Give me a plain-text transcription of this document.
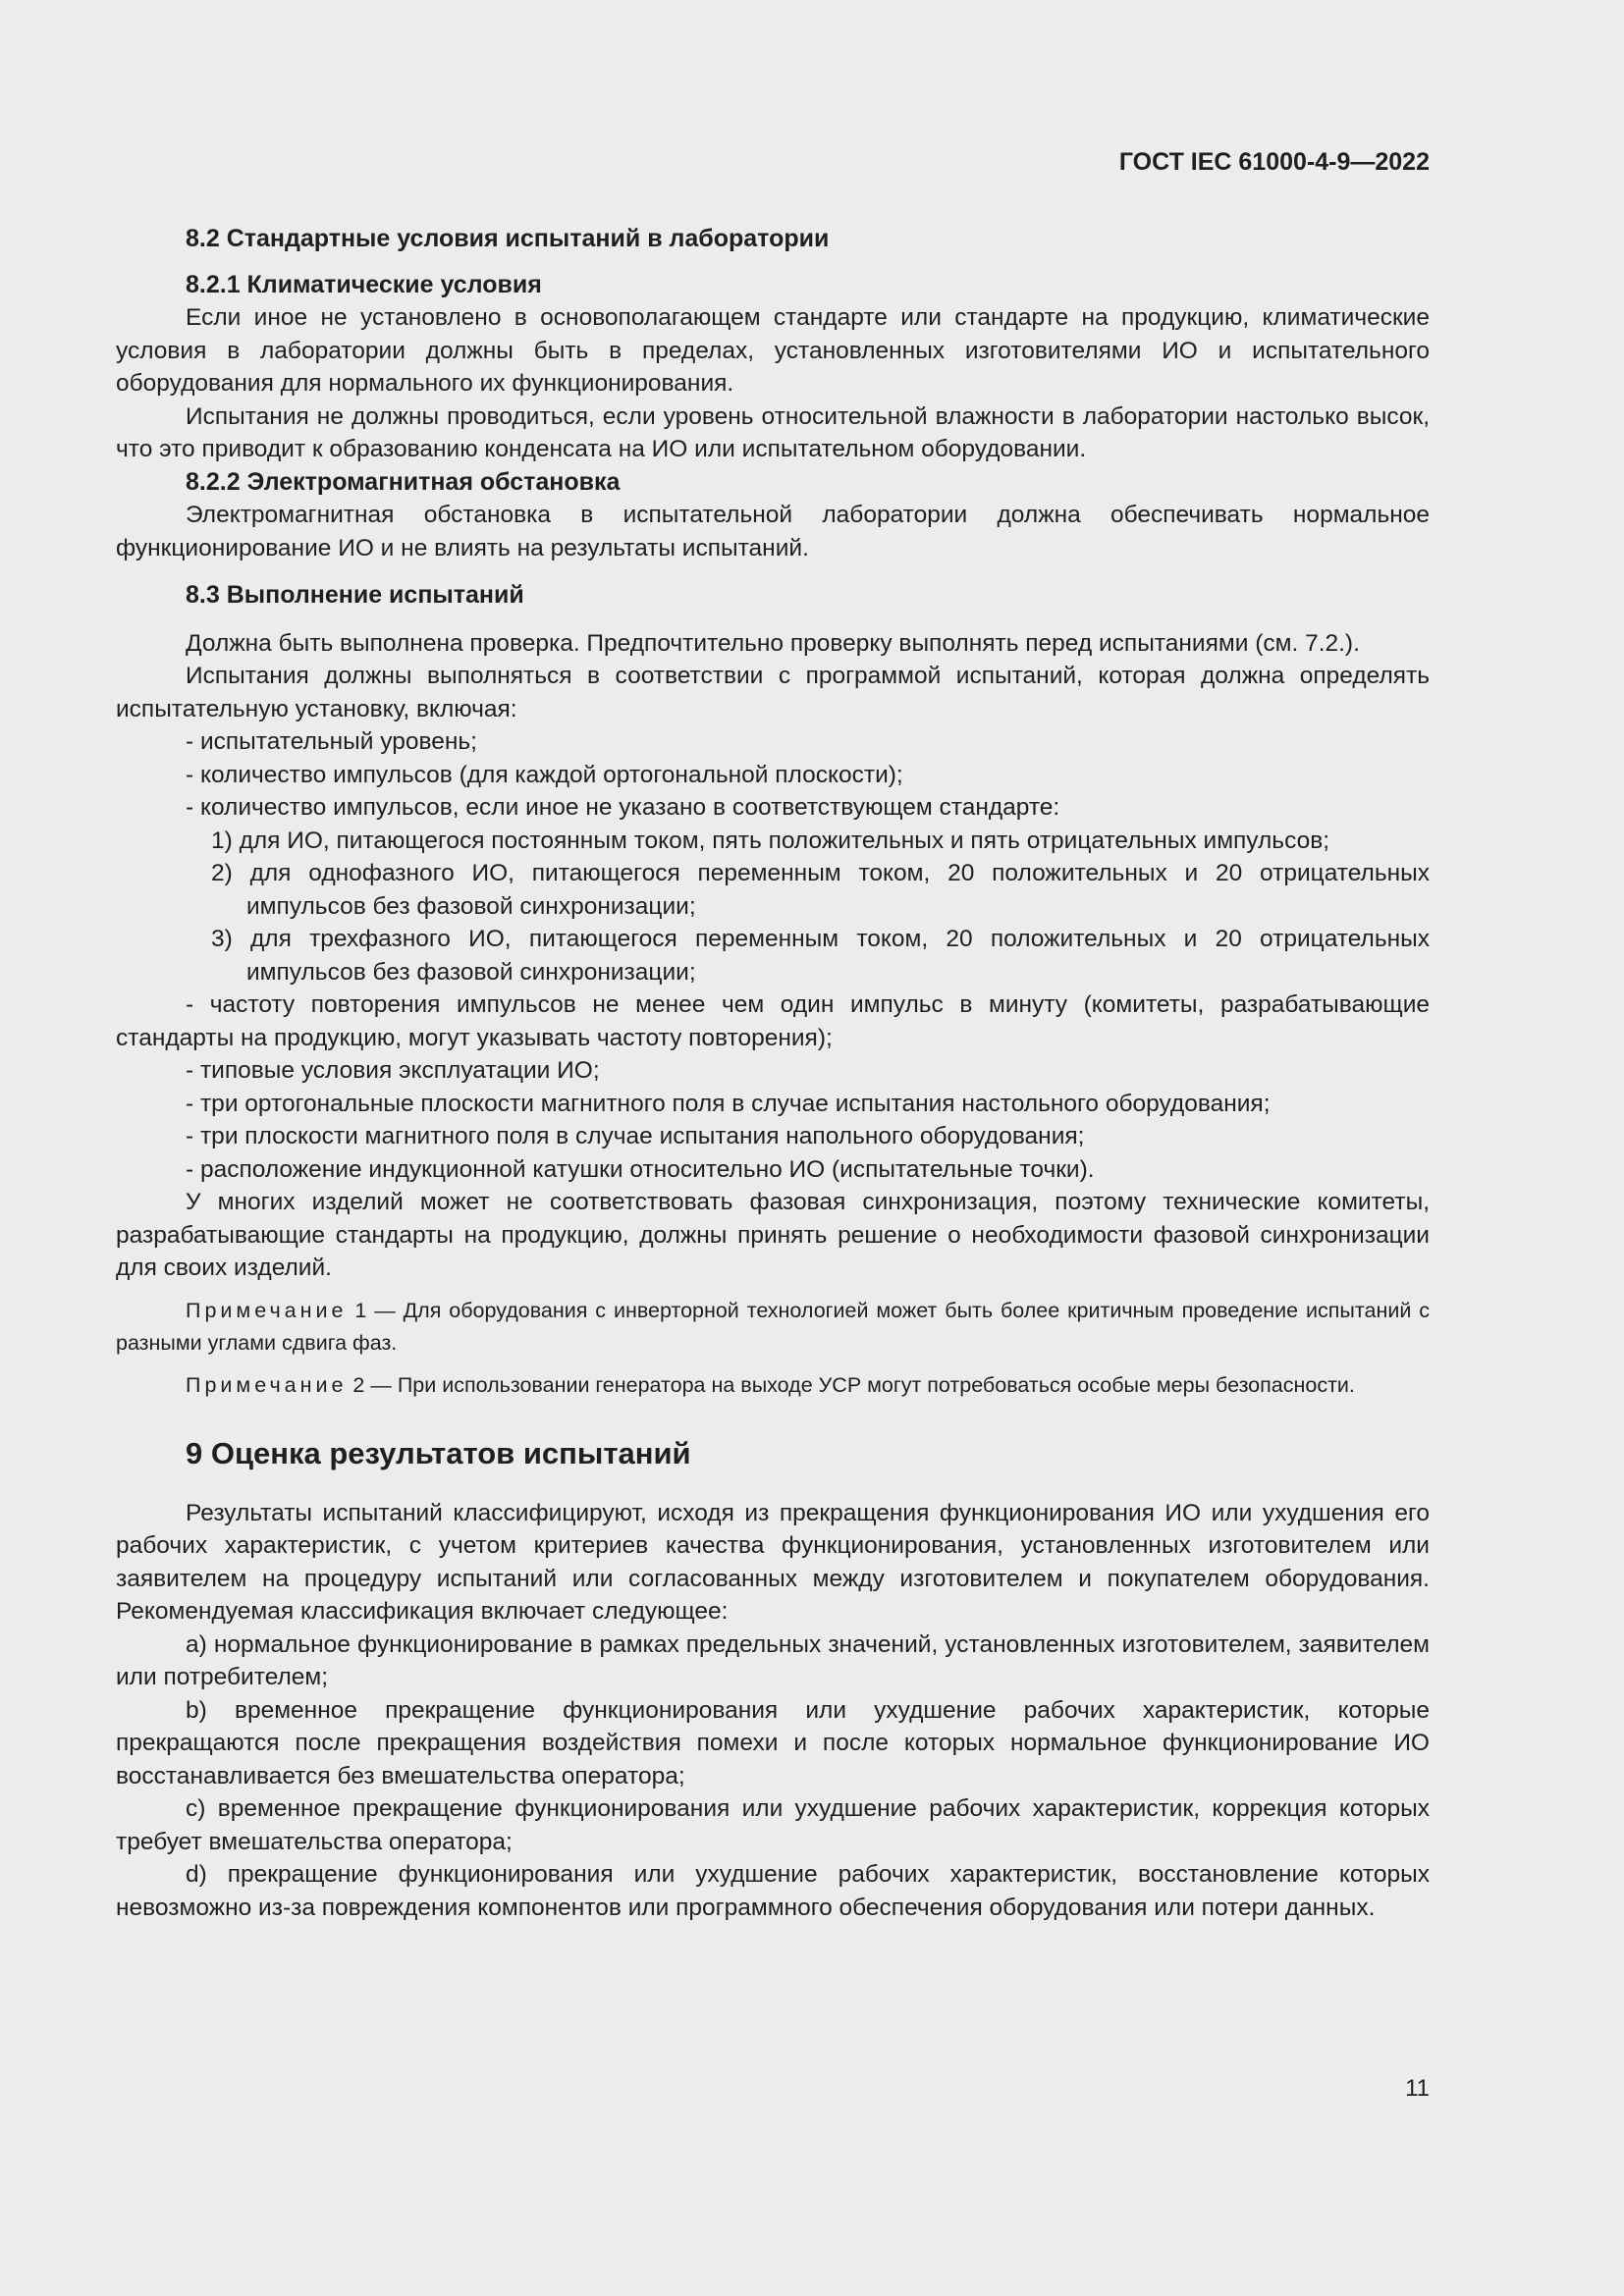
ГОСТ IEC 61000-4-9—2022

8.2 Стандартные условия испытаний в лаборатории

8.2.1 Климатические условия

Если иное не установлено в основополагающем стандарте или стандарте на продукцию, климатические условия в лаборатории должны быть в пределах, установленных изготовителями ИО и испытательного оборудования для нормального их функционирования.

Испытания не должны проводиться, если уровень относительной влажности в лаборатории настолько высок, что это приводит к образованию конденсата на ИО или испытательном оборудовании.

8.2.2 Электромагнитная обстановка

Электромагнитная обстановка в испытательной лаборатории должна обеспечивать нормальное функционирование ИО и не влиять на результаты испытаний.

8.3 Выполнение испытаний

Должна быть выполнена проверка. Предпочтительно проверку выполнять перед испытаниями (см. 7.2.).

Испытания должны выполняться в соответствии с программой испытаний, которая должна определять испытательную установку, включая:

- испытательный уровень;

- количество импульсов (для каждой ортогональной плоскости);

- количество импульсов, если иное не указано в соответствующем стандарте:

1) для ИО, питающегося постоянным током, пять положительных и пять отрицательных импульсов;

2) для однофазного ИО, питающегося переменным током, 20 положительных и 20 отрицательных импульсов без фазовой синхронизации;

3) для трехфазного ИО, питающегося переменным током, 20 положительных и 20 отрицательных импульсов без фазовой синхронизации;

- частоту повторения импульсов не менее чем один импульс в минуту (комитеты, разрабатывающие стандарты на продукцию, могут указывать частоту повторения);

- типовые условия эксплуатации ИО;

- три ортогональные плоскости магнитного поля в случае испытания настольного оборудования;

- три плоскости магнитного поля в случае испытания напольного оборудования;

- расположение индукционной катушки относительно ИО (испытательные точки).

У многих изделий может не соответствовать фазовая синхронизация, поэтому технические комитеты, разрабатывающие стандарты на продукцию, должны принять решение о необходимости фазовой синхронизации для своих изделий.

Примечание 1 — Для оборудования с инверторной технологией может быть более критичным проведение испытаний с разными углами сдвига фаз.

Примечание 2 — При использовании генератора на выходе УСР могут потребоваться особые меры безопасности.

9 Оценка результатов испытаний

Результаты испытаний классифицируют, исходя из прекращения функционирования ИО или ухудшения его рабочих характеристик, с учетом критериев качества функционирования, установленных изготовителем или заявителем на процедуру испытаний или согласованных между изготовителем и покупателем оборудования. Рекомендуемая классификация включает следующее:

a) нормальное функционирование в рамках предельных значений, установленных изготовителем, заявителем или потребителем;

b) временное прекращение функционирования или ухудшение рабочих характеристик, которые прекращаются после прекращения воздействия помехи и после которых нормальное функционирование ИО восстанавливается без вмешательства оператора;

c) временное прекращение функционирования или ухудшение рабочих характеристик, коррекция которых требует вмешательства оператора;

d) прекращение функционирования или ухудшение рабочих характеристик, восстановление которых невозможно из-за повреждения компонентов или программного обеспечения оборудования или потери данных.

11
